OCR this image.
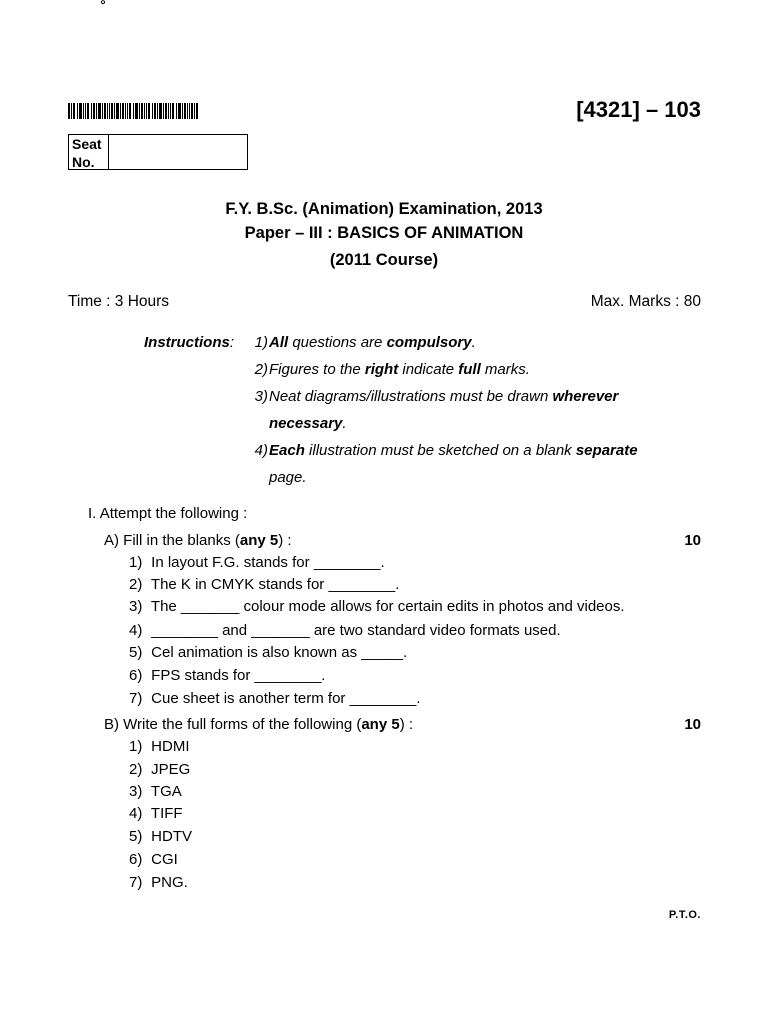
॰
[4321] – 103
Seat No.
F.Y. B.Sc. (Animation) Examination, 2013
Paper – III : BASICS OF ANIMATION
(2011 Course)
Time : 3 Hours	Max. Marks : 80
Instructions:	1) All questions are compulsory.
2) Figures to the right indicate full marks.
3) Neat diagrams/illustrations must be drawn wherever
necessary.
4) Each illustration must be sketched on a blank separate
page.
I. Attempt the following :
A) Fill in the blanks (any 5) :	10
1) In layout F.G. stands for ________.
2) The K in CMYK stands for ________.
3) The _______ colour mode allows for certain edits in photos and videos.
4) ________ and _______ are two standard video formats used.
5) Cel animation is also known as _____.
6) FPS stands for ________.
7) Cue sheet is another term for ________.
B) Write the full forms of the following (any 5) :	10
1) HDMI
2) JPEG
3) TGA
4) TIFF
5) HDTV
6) CGI
7) PNG.
P.T.O.
